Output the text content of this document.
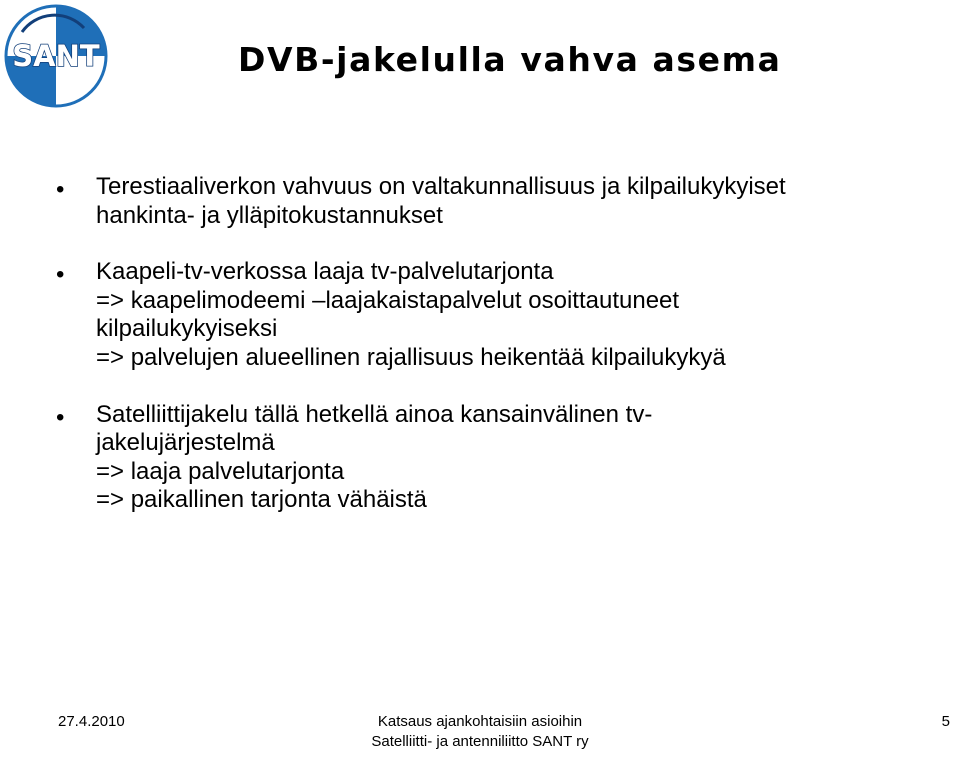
SANT	DVB-jakelulla vahva asema
• Terestiaaliverkon vahvuus on valtakunnallisuus ja kilpailukykyiset
hankinta- ja ylläpitokustannukset
• Kaapeli-tv-verkossa laaja tv-palvelutarjonta
=> kaapelimodeemi –laajakaistapalvelut osoittautuneet
kilpailukykyiseksi
=> palvelujen alueellinen rajallisuus heikentää kilpailukykyä
• Satelliittijakelu tällä hetkellä ainoa kansainvälinen tv-
jakelujärjestelmä
=> laaja palvelutarjonta
=> paikallinen tarjonta vähäistä
27.4.2010	Katsaus ajankohtaisiin asioihin
Satelliitti- ja antenniliitto SANT ry
5
